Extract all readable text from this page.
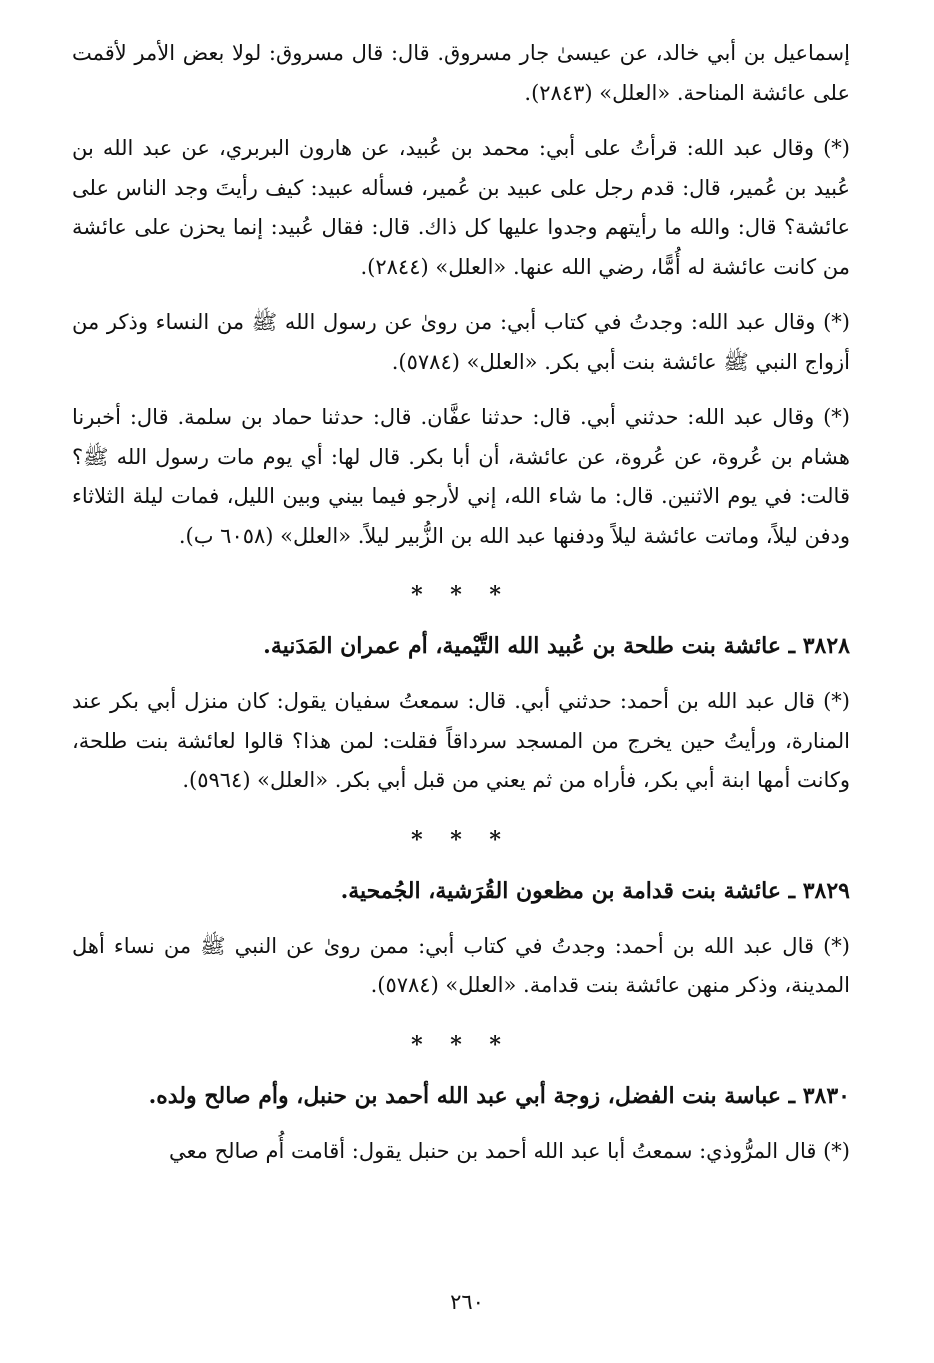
إسماعيل بن أبي خالد، عن عيسىٰ جار مسروق. قال: قال مسروق: لولا بعض الأمر لأقمت على عائشة المناحة. «العلل» (٢٨٤٣).

(*) وقال عبد الله: قرأتُ على أبي: محمد بن عُبيد، عن هارون البربري، عن عبد الله بن عُبيد بن عُمير، قال: قدم رجل على عبيد بن عُمير، فسأله عبيد: كيف رأيتَ وجد الناس على عائشة؟ قال: والله ما رأيتهم وجدوا عليها كل ذاك. قال: فقال عُبيد: إنما يحزن على عائشة من كانت عائشة له أُمًّا، رضي الله عنها. «العلل» (٢٨٤٤).

(*) وقال عبد الله: وجدتُ في كتاب أبي: من روىٰ عن رسول الله ﷺ من النساء وذكر من أزواج النبي ﷺ عائشة بنت أبي بكر. «العلل» (٥٧٨٤).

(*) وقال عبد الله: حدثني أبي. قال: حدثنا عفَّان. قال: حدثنا حماد بن سلمة. قال: أخبرنا هشام بن عُروة، عن عُروة، عن عائشة، أن أبا بكر. قال لها: أي يوم مات رسول الله ﷺ؟ قالت: في يوم الاثنين. قال: ما شاء الله، إني لأرجو فيما بيني وبين الليل، فمات ليلة الثلاثاء ودفن ليلاً، وماتت عائشة ليلاً ودفنها عبد الله بن الزُّبير ليلاً. «العلل» (٦٠٥٨ ب).

* * *

٣٨٢٨ ـ عائشة بنت طلحة بن عُبيد الله التَّيْمية، أم عمران المَدَنية.

(*) قال عبد الله بن أحمد: حدثني أبي. قال: سمعتُ سفيان يقول: كان منزل أبي بكر عند المنارة، ورأيتُ حين يخرج من المسجد سرداقاً فقلت: لمن هذا؟ قالوا لعائشة بنت طلحة، وكانت أمها ابنة أبي بكر، فأراه من ثم يعني من قبل أبي بكر. «العلل» (٥٩٦٤).

* * *

٣٨٢٩ ـ عائشة بنت قدامة بن مظعون القُرَشية، الجُمحية.

(*) قال عبد الله بن أحمد: وجدتُ في كتاب أبي: ممن روىٰ عن النبي ﷺ من نساء أهل المدينة، وذكر منهن عائشة بنت قدامة. «العلل» (٥٧٨٤).

* * *

٣٨٣٠ ـ عباسة بنت الفضل، زوجة أبي عبد الله أحمد بن حنبل، وأم صالح ولده.

(*) قال المرُّوذي: سمعتُ أبا عبد الله أحمد بن حنبل يقول: أقامت أُم صالح معي

٢٦٠
